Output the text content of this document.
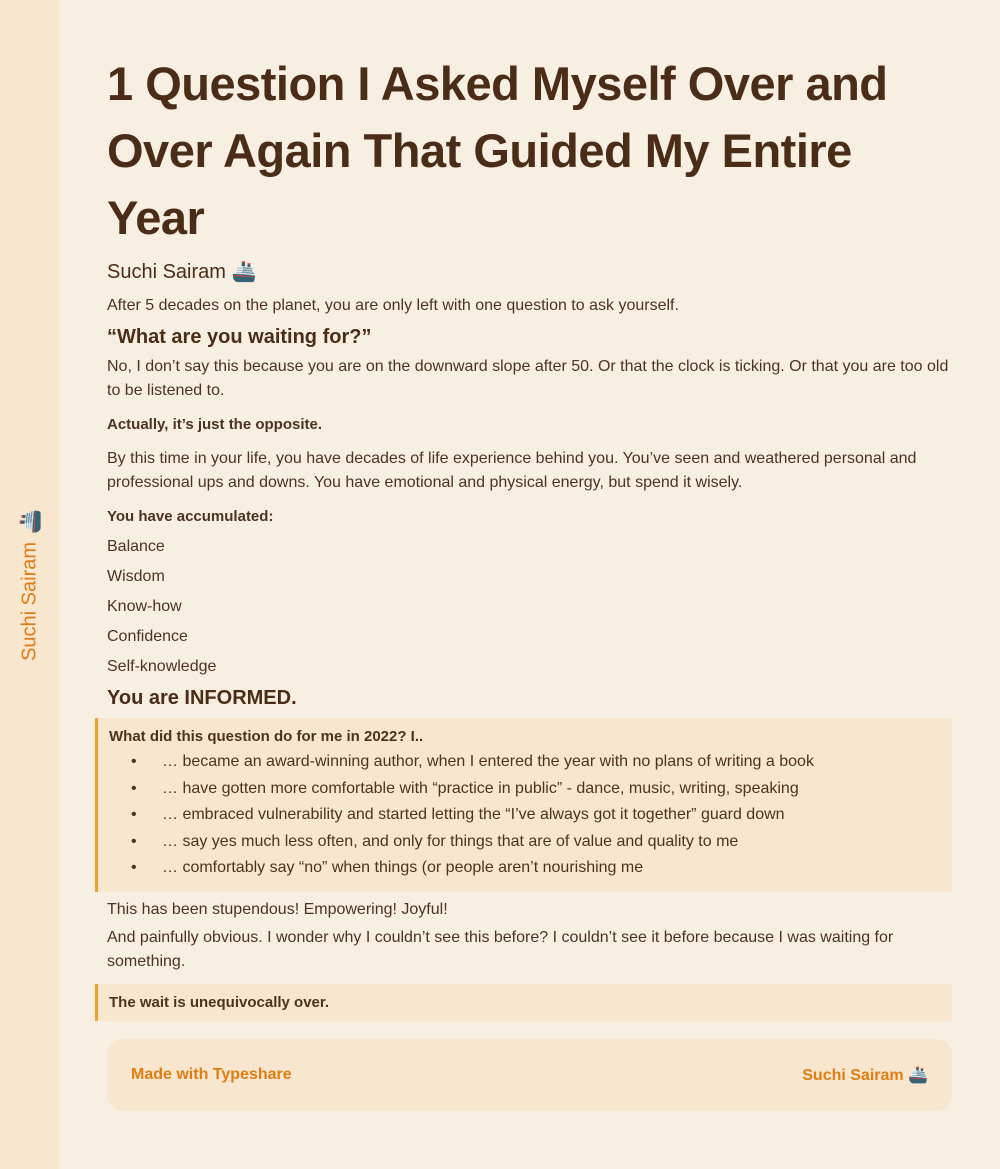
Suchi Sairam
🚢
1 Question I Asked Myself Over and Over Again That Guided My Entire Year
Suchi Sairam 🚢

After 5 decades on the planet, you are only left with one question to ask yourself.

“What are you waiting for?”

No, I don’t say this because you are on the downward slope after 50. Or that the clock is ticking. Or that you are too old to be listened to.

Actually, it’s just the opposite.

By this time in your life, you have decades of life experience behind you. You’ve seen and weathered personal and professional ups and downs. You have emotional and physical energy, but spend it wisely.

You have accumulated:

Balance

Wisdom

Know-how

Confidence

Self-knowledge

You are INFORMED.
What did this question do for me in 2022? I..
• … became an award-winning author, when I entered the year with no plans of writing a book
• … have gotten more comfortable with “practice in public” - dance, music, writing, speaking
• … embraced vulnerability and started letting the “I’ve always got it together” guard down
• … say yes much less often, and only for things that are of value and quality to me
• … comfortably say “no” when things (or people aren’t nourishing me

This has been stupendous! Empowering! Joyful!

And painfully obvious. I wonder why I couldn’t see this before? I couldn’t see it before because I was waiting for something.

The wait is unequivocally over.
Made with Typeshare	Suchi Sairam 🚢
